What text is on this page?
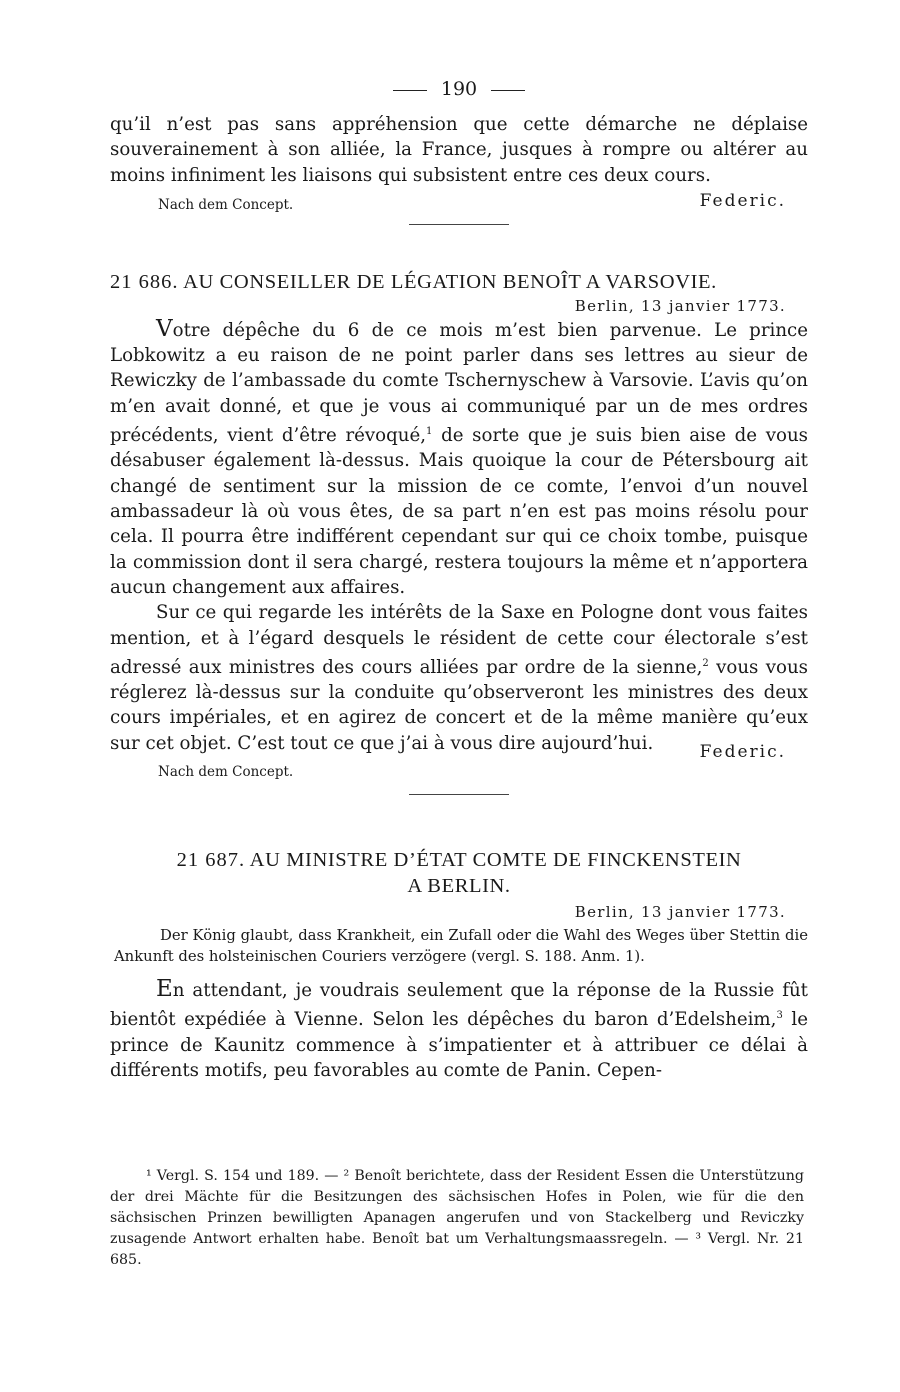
190

qu’il n’est pas sans appréhension que cette démarche ne déplaise souverainement à son alliée, la France, jusques à rompre ou altérer au moins infiniment les liaisons qui subsistent entre ces deux cours.

Nach dem Concept.	Federic.

21 686. AU CONSEILLER DE LÉGATION BENOÎT A VARSOVIE.

Berlin, 13 janvier 1773.

Votre dépêche du 6 de ce mois m’est bien parvenue. Le prince Lobkowitz a eu raison de ne point parler dans ses lettres au sieur de Rewiczky de l’ambassade du comte Tschernyschew à Varsovie. L’avis qu’on m’en avait donné, et que je vous ai communiqué par un de mes ordres précédents, vient d’être révoqué,$^1$ de sorte que je suis bien aise de vous désabuser également là-dessus. Mais quoique la cour de Pétersbourg ait changé de sentiment sur la mission de ce comte, l’envoi d’un nouvel ambassadeur là où vous êtes, de sa part n’en est pas moins résolu pour cela. Il pourra être indifférent cependant sur qui ce choix tombe, puisque la commission dont il sera chargé, restera toujours la même et n’apportera aucun changement aux affaires.

Sur ce qui regarde les intérêts de la Saxe en Pologne dont vous faites mention, et à l’égard desquels le résident de cette cour électorale s’est adressé aux ministres des cours alliées par ordre de la sienne,$^2$ vous vous réglerez là-dessus sur la conduite qu’observeront les ministres des deux cours impériales, et en agirez de concert et de la même manière qu’eux sur cet objet. C’est tout ce que j’ai à vous dire aujourd’hui.

Nach dem Concept.
Federic.

21 687. AU MINISTRE D’ÉTAT COMTE DE FINCKENSTEIN

A BERLIN.

Berlin, 13 janvier 1773.

Der König glaubt, dass Krankheit, ein Zufall oder die Wahl des Weges über Stettin die Ankunft des holsteinischen Couriers verzögere (vergl. S. 188. Anm. 1).

En attendant, je voudrais seulement que la réponse de la Russie fût bientôt expédiée à Vienne. Selon les dépêches du baron d’Edelsheim,$^3$ le prince de Kaunitz commence à s’impatienter et à attribuer ce délai à différents motifs, peu favorables au comte de Panin. Cepen-

¹ Vergl. S. 154 und 189. — ² Benoît berichtete, dass der Resident Essen die Unterstützung der drei Mächte für die Besitzungen des sächsischen Hofes in Polen, wie für die den sächsischen Prinzen bewilligten Apanagen angerufen und von Stackelberg und Reviczky zusagende Antwort erhalten habe. Benoît bat um Verhaltungsmaassregeln. — ³ Vergl. Nr. 21 685.
